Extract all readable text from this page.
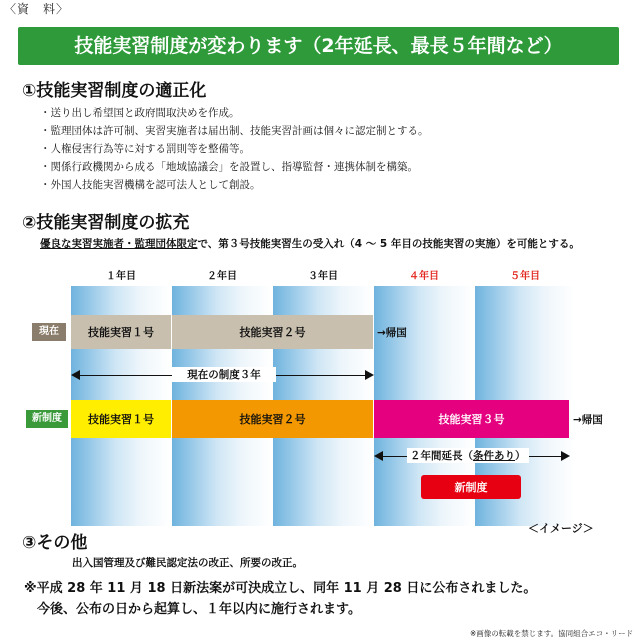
〈資　料〉
技能実習制度が変わります（2年延長、最長５年間など）
①技能実習制度の適正化
・送り出し希望国と政府間取決めを作成。
・監理団体は許可制、実習実施者は届出制、技能実習計画は個々に認定制とする。
・人権侵害行為等に対する罰則等を整備等。
・関係行政機関から成る「地域協議会」を設置し、指導監督・連携体制を構築。
・外国人技能実習機構を認可法人として創設。
②技能実習制度の拡充
優良な実習実施者・監理団体限定で、第３号技能実習生の受入れ（4 ～ 5 年目の技能実習の実施）を可能とする。
１年目	２年目	３年目	４年目	５年目
現在	技能実習１号	技能実習２号	→帰国
現在の制度３年
新制度	技能実習１号	技能実習２号	技能実習３号	→帰国
２年間延長（条件あり）
新制度
＜イメージ＞
③その他
出入国管理及び難民認定法の改正、所要の改正。
※平成 28 年 11 月 18 日新法案が可決成立し、同年 11 月 28 日に公布されました。
　今後、公布の日から起算し、１年以内に施行されます。
※画像の転載を禁じます。協同組合エコ・リード
